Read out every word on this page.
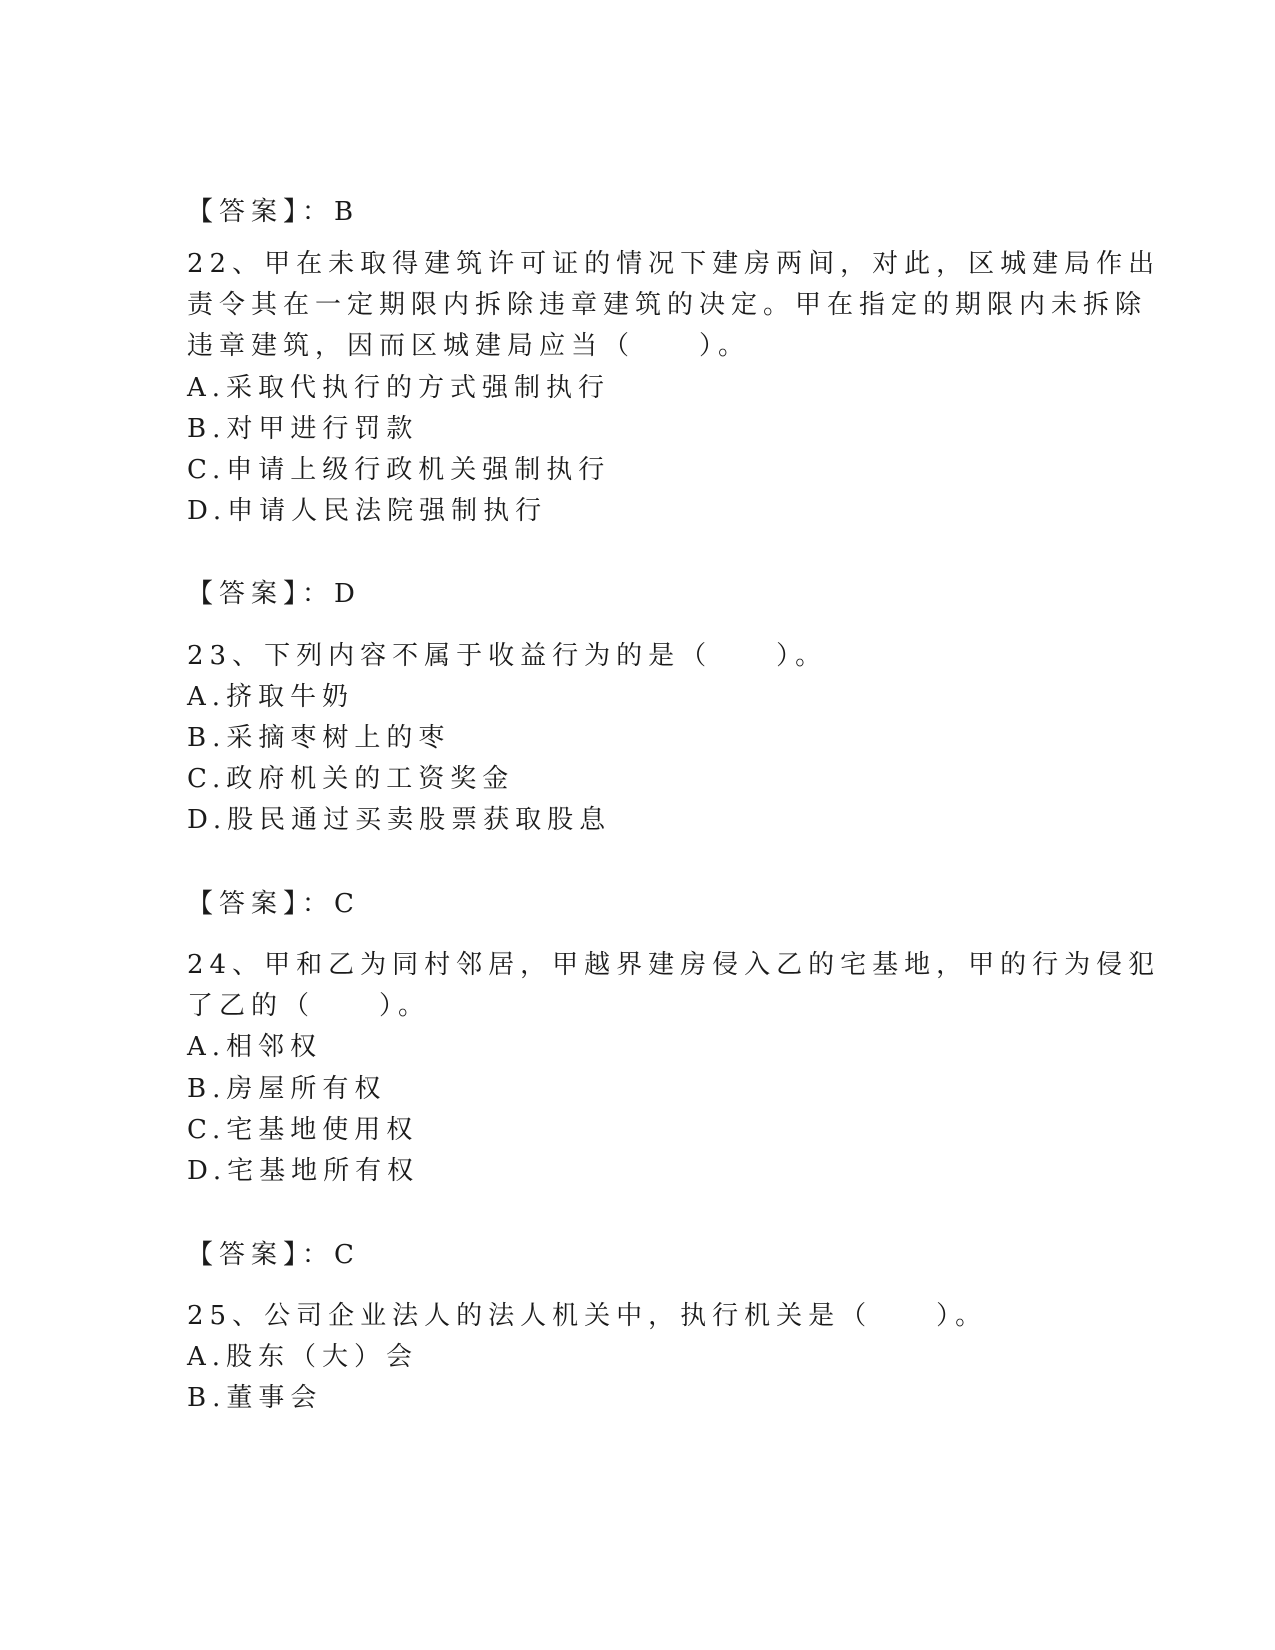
【答案】：B
22、甲在未取得建筑许可证的情况下建房两间，对此，区城建局作出
责令其在一定期限内拆除违章建筑的决定。甲在指定的期限内未拆除
违章建筑，因而区城建局应当（　　）。
A.采取代执行的方式强制执行
B.对甲进行罚款
C.申请上级行政机关强制执行
D.申请人民法院强制执行
【答案】：D
23、下列内容不属于收益行为的是（　　）。
A.挤取牛奶
B.采摘枣树上的枣
C.政府机关的工资奖金
D.股民通过买卖股票获取股息
【答案】：C
24、甲和乙为同村邻居，甲越界建房侵入乙的宅基地，甲的行为侵犯
了乙的（　　）。
A.相邻权
B.房屋所有权
C.宅基地使用权
D.宅基地所有权
【答案】：C
25、公司企业法人的法人机关中，执行机关是（　　）。
A.股东（大）会
B.董事会
